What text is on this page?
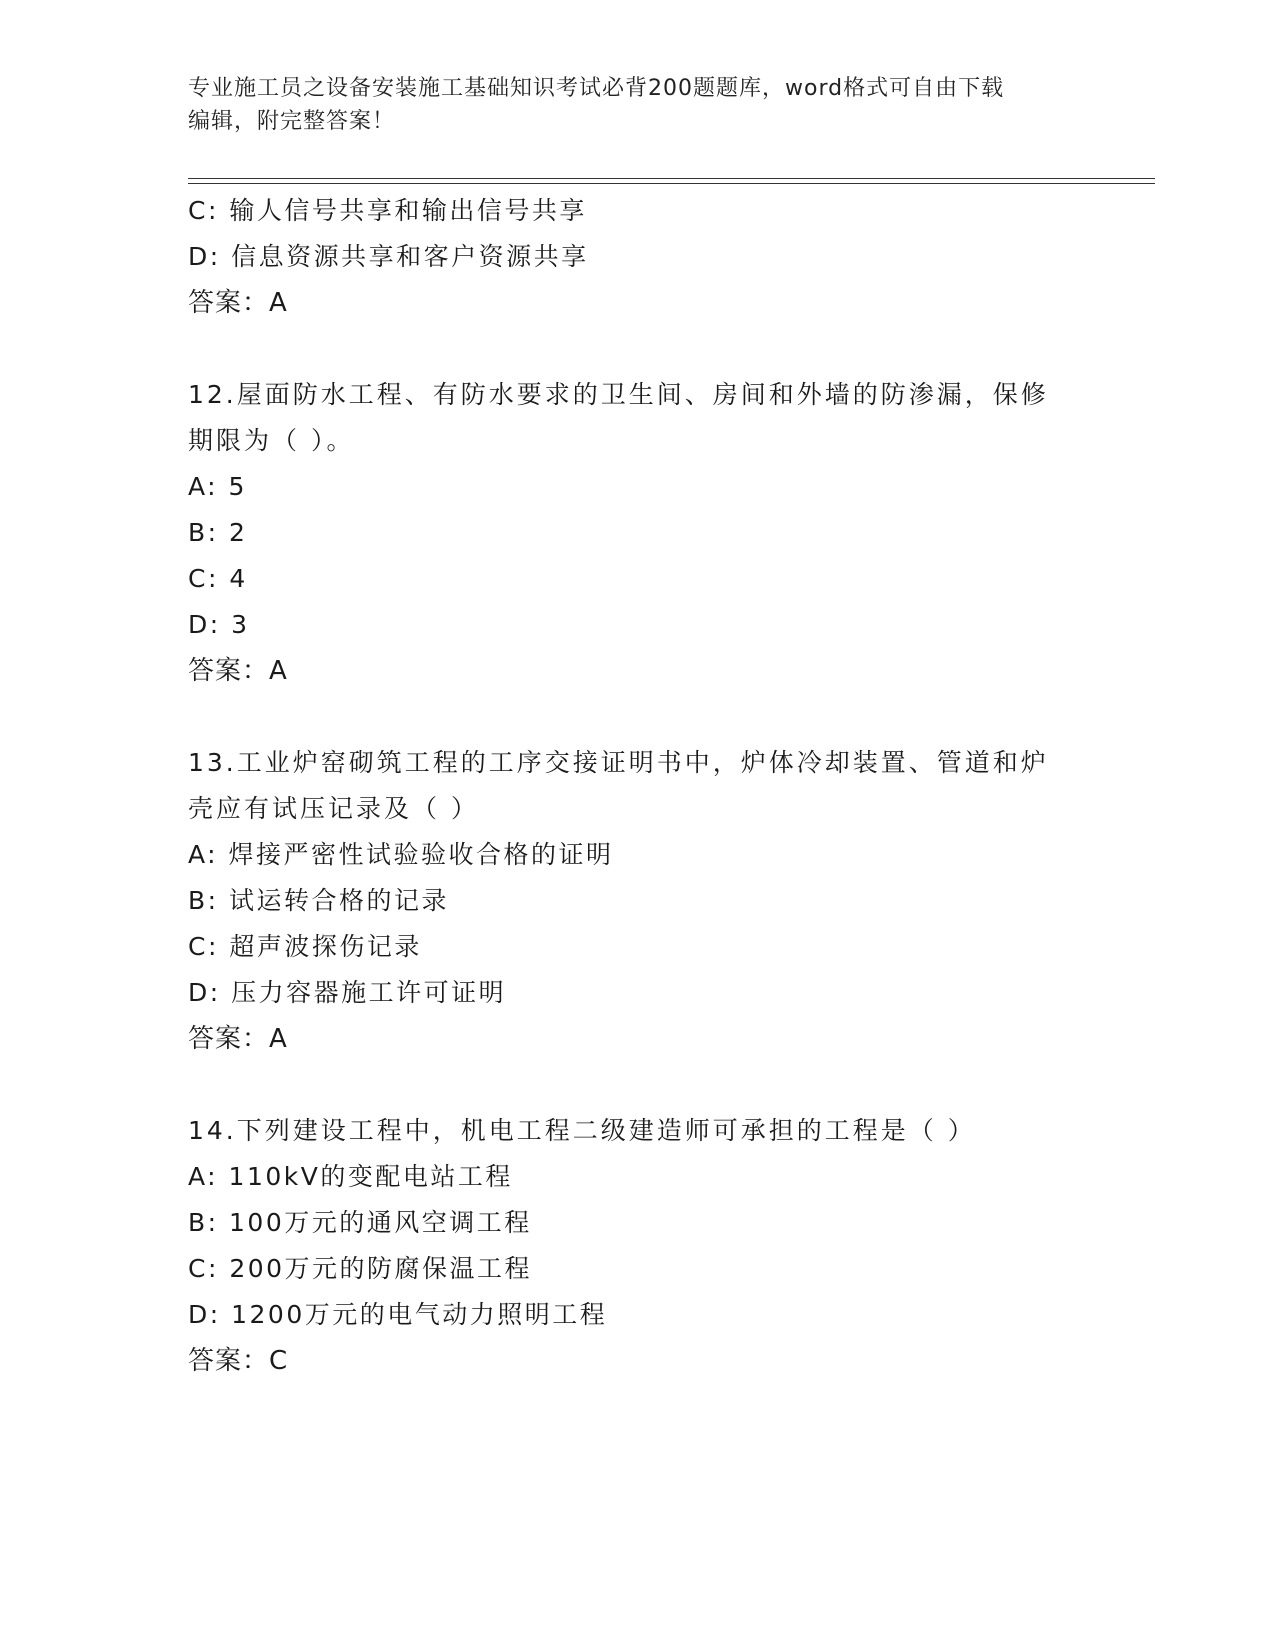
专业施工员之设备安装施工基础知识考试必背200题题库，word格式可自由下载
编辑，附完整答案！
C: 输人信号共享和输出信号共享
D: 信息资源共享和客户资源共享
答案：A
12.屋面防水工程、有防水要求的卫生间、房间和外墙的防渗漏，保修
期限为（ ）。
A: 5
B: 2
C: 4
D: 3
答案：A
13.工业炉窑砌筑工程的工序交接证明书中，炉体冷却装置、管道和炉
壳应有试压记录及（ ）
A: 焊接严密性试验验收合格的证明
B: 试运转合格的记录
C: 超声波探伤记录
D: 压力容器施工许可证明
答案：A
14.下列建设工程中，机电工程二级建造师可承担的工程是（ ）
A: 110kV的变配电站工程
B: 100万元的通风空调工程
C: 200万元的防腐保温工程
D: 1200万元的电气动力照明工程
答案：C
